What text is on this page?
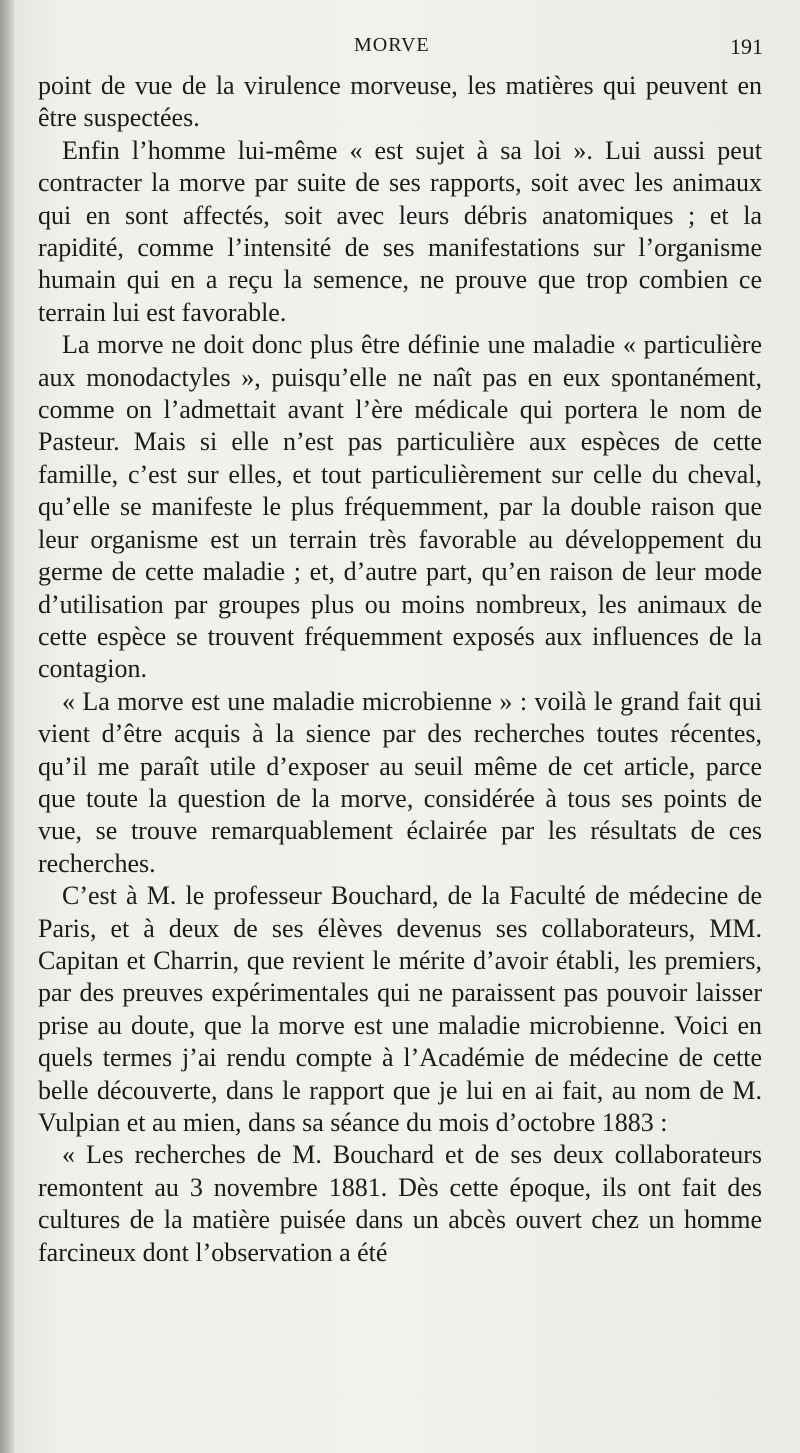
MORVE	191

point de vue de la virulence morveuse, les matières qui peuvent en être suspectées.

Enfin l’homme lui-même « est sujet à sa loi ». Lui aussi peut contracter la morve par suite de ses rapports, soit avec les animaux qui en sont affectés, soit avec leurs débris anatomiques ; et la rapidité, comme l’intensité de ses manifestations sur l’organisme humain qui en a reçu la semence, ne prouve que trop combien ce terrain lui est favorable.

La morve ne doit donc plus être définie une maladie « particulière aux monodactyles », puisqu’elle ne naît pas en eux spontanément, comme on l’admettait avant l’ère médicale qui portera le nom de Pasteur. Mais si elle n’est pas particulière aux espèces de cette famille, c’est sur elles, et tout particulièrement sur celle du cheval, qu’elle se manifeste le plus fréquemment, par la double raison que leur organisme est un terrain très favorable au développement du germe de cette maladie ; et, d’autre part, qu’en raison de leur mode d’utilisation par groupes plus ou moins nombreux, les animaux de cette espèce se trouvent fréquemment exposés aux influences de la contagion.

« La morve est une maladie microbienne » : voilà le grand fait qui vient d’être acquis à la sience par des recherches toutes récentes, qu’il me paraît utile d’exposer au seuil même de cet article, parce que toute la question de la morve, considérée à tous ses points de vue, se trouve remarquablement éclairée par les résultats de ces recherches.

C’est à M. le professeur Bouchard, de la Faculté de médecine de Paris, et à deux de ses élèves devenus ses collaborateurs, MM. Capitan et Charrin, que revient le mérite d’avoir établi, les premiers, par des preuves expérimentales qui ne paraissent pas pouvoir laisser prise au doute, que la morve est une maladie microbienne. Voici en quels termes j’ai rendu compte à l’Académie de médecine de cette belle découverte, dans le rapport que je lui en ai fait, au nom de M. Vulpian et au mien, dans sa séance du mois d’octobre 1883 :

« Les recherches de M. Bouchard et de ses deux collaborateurs remontent au 3 novembre 1881. Dès cette époque, ils ont fait des cultures de la matière puisée dans un abcès ouvert chez un homme farcineux dont l’observation a été
